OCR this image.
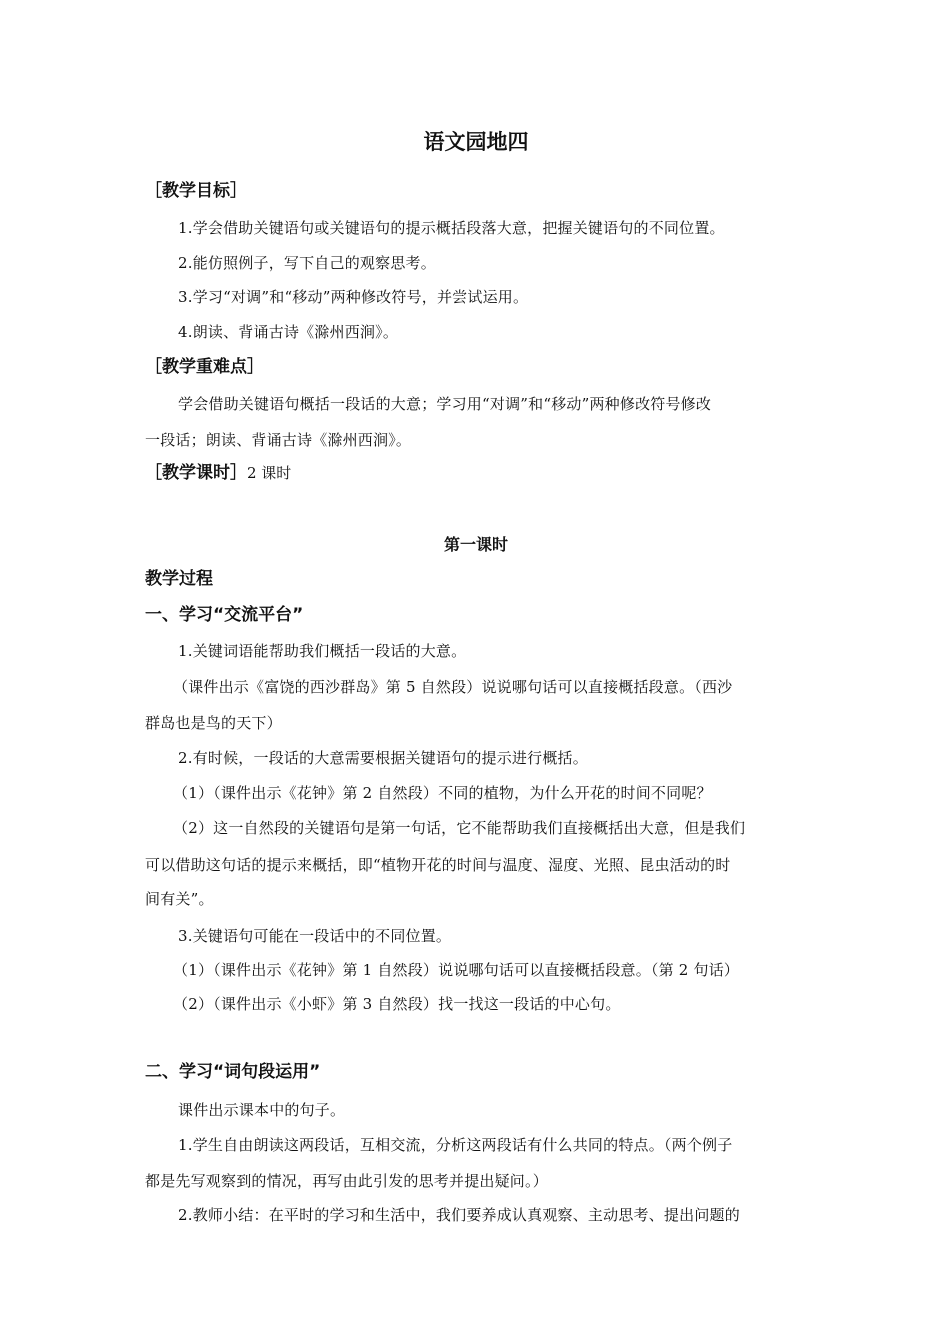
语文园地四
［教学目标］
1.学会借助关键语句或关键语句的提示概括段落大意，把握关键语句的不同位置。
2.能仿照例子，写下自己的观察思考。
3.学习“对调”和“移动”两种修改符号，并尝试运用。
4.朗读、背诵古诗《滁州西涧》。
［教学重难点］
学会借助关键语句概括一段话的大意；学习用“对调”和“移动”两种修改符号修改
一段话；朗读、背诵古诗《滁州西涧》。
［教学课时］2 课时
第一课时
教学过程
一、学习“交流平台”
1.关键词语能帮助我们概括一段话的大意。
（课件出示《富饶的西沙群岛》第 5 自然段）说说哪句话可以直接概括段意。（西沙
群岛也是鸟的天下）
2.有时候，一段话的大意需要根据关键语句的提示进行概括。
（1）（课件出示《花钟》第 2 自然段）不同的植物，为什么开花的时间不同呢？
（2）这一自然段的关键语句是第一句话，它不能帮助我们直接概括出大意，但是我们
可以借助这句话的提示来概括，即“植物开花的时间与温度、湿度、光照、昆虫活动的时
间有关”。
3.关键语句可能在一段话中的不同位置。
（1）（课件出示《花钟》第 1 自然段）说说哪句话可以直接概括段意。（第 2 句话）
（2）（课件出示《小虾》第 3 自然段）找一找这一段话的中心句。
二、学习“词句段运用”
课件出示课本中的句子。
1.学生自由朗读这两段话，互相交流，分析这两段话有什么共同的特点。（两个例子
都是先写观察到的情况，再写由此引发的思考并提出疑问。）
2.教师小结：在平时的学习和生活中，我们要养成认真观察、主动思考、提出问题的
